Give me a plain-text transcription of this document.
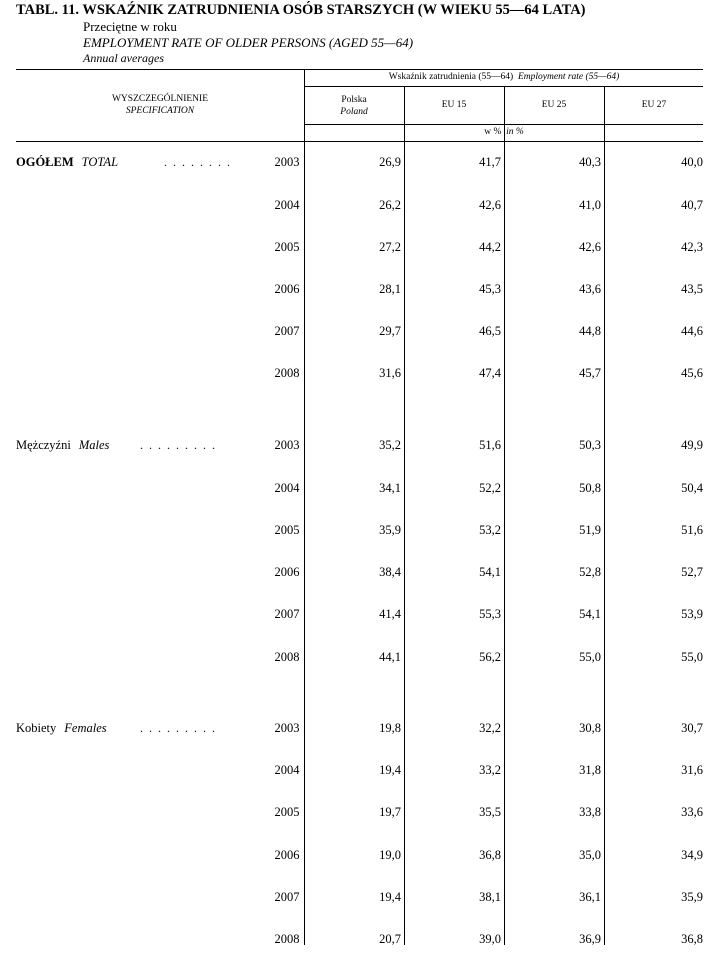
TABL. 11. WSKAŹNIK ZATRUDNIENIA OSÓB STARSZYCH (W WIEKU 55—64 LATA)
Przeciętne w roku
EMPLOYMENT RATE OF OLDER PERSONS (AGED 55—64)
Annual averages
WYSZCZEGÓLNIENIE
SPECIFICATION
Wskaźnik zatrudnienia (55—64) Employment rate (55—64)
Polska
Poland
EU 15	EU 25	EU 27
w % in %
OGÓŁEM TOTAL	........	2003	26,9	41,7	40,3	40,0
2004	26,2	42,6	41,0	40,7
2005	27,2	44,2	42,6	42,3
2006	28,1	45,3	43,6	43,5
2007	29,7	46,5	44,8	44,6
2008	31,6	47,4	45,7	45,6
Mężczyźni Males	.........	2003	35,2	51,6	50,3	49,9
2004	34,1	52,2	50,8	50,4
2005	35,9	53,2	51,9	51,6
2006	38,4	54,1	52,8	52,7
2007	41,4	55,3	54,1	53,9
2008	44,1	56,2	55,0	55,0
Kobiety Females	.........	2003	19,8	32,2	30,8	30,7
2004	19,4	33,2	31,8	31,6
2005	19,7	35,5	33,8	33,6
2006	19,0	36,8	35,0	34,9
2007	19,4	38,1	36,1	35,9
2008	20,7	39,0	36,9	36,8
